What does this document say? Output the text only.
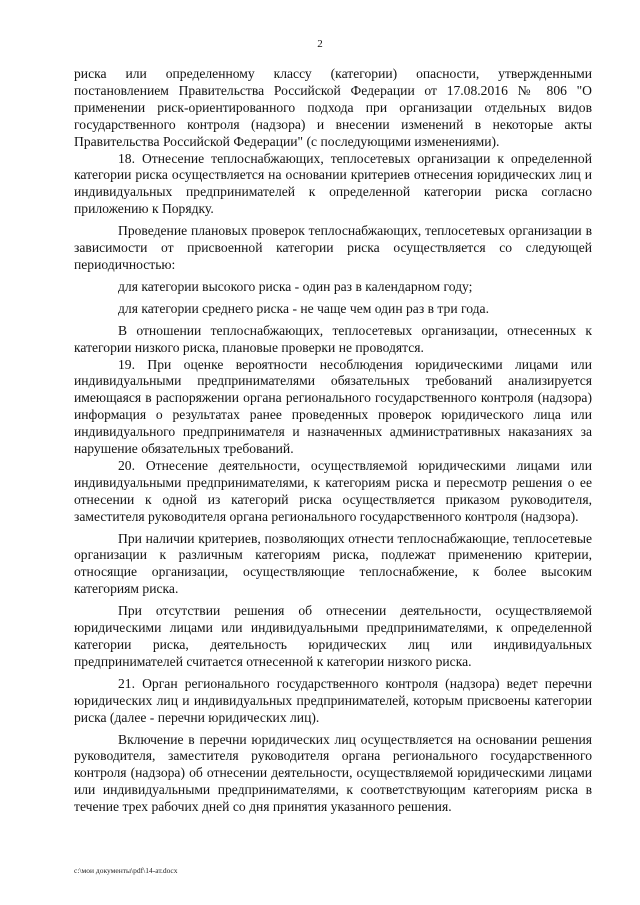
2

риска или определенному классу (категории) опасности, утвержденными постановлением Правительства Российской Федерации от 17.08.2016 № 806 "О применении риск-ориентированного подхода при организации отдельных видов государственного контроля (надзора) и внесении изменений в некоторые акты Правительства Российской Федерации" (с последующими изменениями).

18. Отнесение теплоснабжающих, теплосетевых организации к определенной категории риска осуществляется на основании критериев отнесения юридических лиц и индивидуальных предпринимателей к определенной категории риска согласно приложению к Порядку.

Проведение плановых проверок теплоснабжающих, теплосетевых организации в зависимости от присвоенной категории риска осуществляется со следующей периодичностью:

для категории высокого риска - один раз в календарном году;

для категории среднего риска - не чаще чем один раз в три года.

В отношении теплоснабжающих, теплосетевых организации, отнесенных к категории низкого риска, плановые проверки не проводятся.

19. При оценке вероятности несоблюдения юридическими лицами или индивидуальными предпринимателями обязательных требований анализируется имеющаяся в распоряжении органа регионального государственного контроля (надзора) информация о результатах ранее проведенных проверок юридического лица или индивидуального предпринимателя и назначенных административных наказаниях за нарушение обязательных требований.

20. Отнесение деятельности, осуществляемой юридическими лицами или индивидуальными предпринимателями, к категориям риска и пересмотр решения о ее отнесении к одной из категорий риска осуществляется приказом руководителя, заместителя руководителя органа регионального государственного контроля (надзора).

При наличии критериев, позволяющих отнести теплоснабжающие, теплосетевые организации к различным категориям риска, подлежат применению критерии, относящие организации, осуществляющие теплоснабжение, к более высоким категориям риска.

При отсутствии решения об отнесении деятельности, осуществляемой юридическими лицами или индивидуальными предпринимателями, к определенной категории риска, деятельность юридических лиц или индивидуальных предпринимателей считается отнесенной к категории низкого риска.

21. Орган регионального государственного контроля (надзора) ведет перечни юридических лиц и индивидуальных предпринимателей, которым присвоены категории риска (далее - перечни юридических лиц).

Включение в перечни юридических лиц осуществляется на основании решения руководителя, заместителя руководителя органа регионального государственного контроля (надзора) об отнесении деятельности, осуществляемой юридическими лицами или индивидуальными предпринимателями, к соответствующим категориям риска в течение трех рабочих дней со дня принятия указанного решения.

c:\мои документы\pdf\14-ат.docx
